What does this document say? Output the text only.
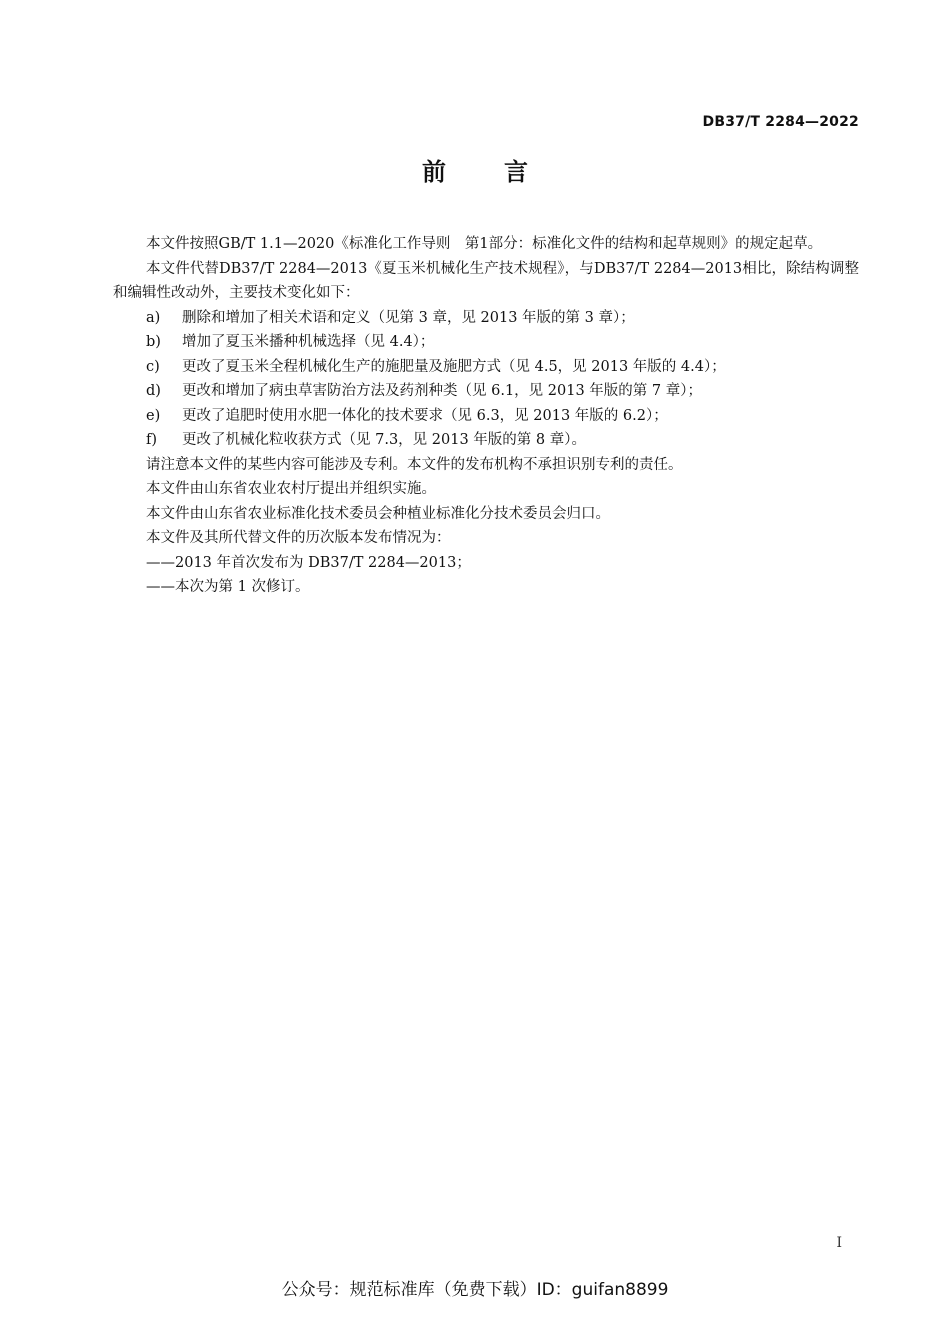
DB37/T 2284—2022
前言

本文件按照GB/T 1.1—2020《标准化工作导则　第1部分：标准化文件的结构和起草规则》的规定起草。

本文件代替DB37/T 2284—2013《夏玉米机械化生产技术规程》，与DB37/T 2284—2013相比，除结构调整和编辑性改动外，主要技术变化如下：

a)	删除和增加了相关术语和定义（见第 3 章，见 2013 年版的第 3 章）；
b)	增加了夏玉米播种机械选择（见 4.4）；
c)	更改了夏玉米全程机械化生产的施肥量及施肥方式（见 4.5，见 2013 年版的 4.4）；
d)	更改和增加了病虫草害防治方法及药剂种类（见 6.1，见 2013 年版的第 7 章）；
e)	更改了追肥时使用水肥一体化的技术要求（见 6.3，见 2013 年版的 6.2）；
f)	更改了机械化粒收获方式（见 7.3，见 2013 年版的第 8 章）。

请注意本文件的某些内容可能涉及专利。本文件的发布机构不承担识别专利的责任。

本文件由山东省农业农村厅提出并组织实施。

本文件由山东省农业标准化技术委员会种植业标准化分技术委员会归口。

本文件及其所代替文件的历次版本发布情况为：

——2013 年首次发布为 DB37/T 2284—2013；

——本次为第 1 次修订。

I
公众号：规范标准库（免费下载）ID：guifan8899
